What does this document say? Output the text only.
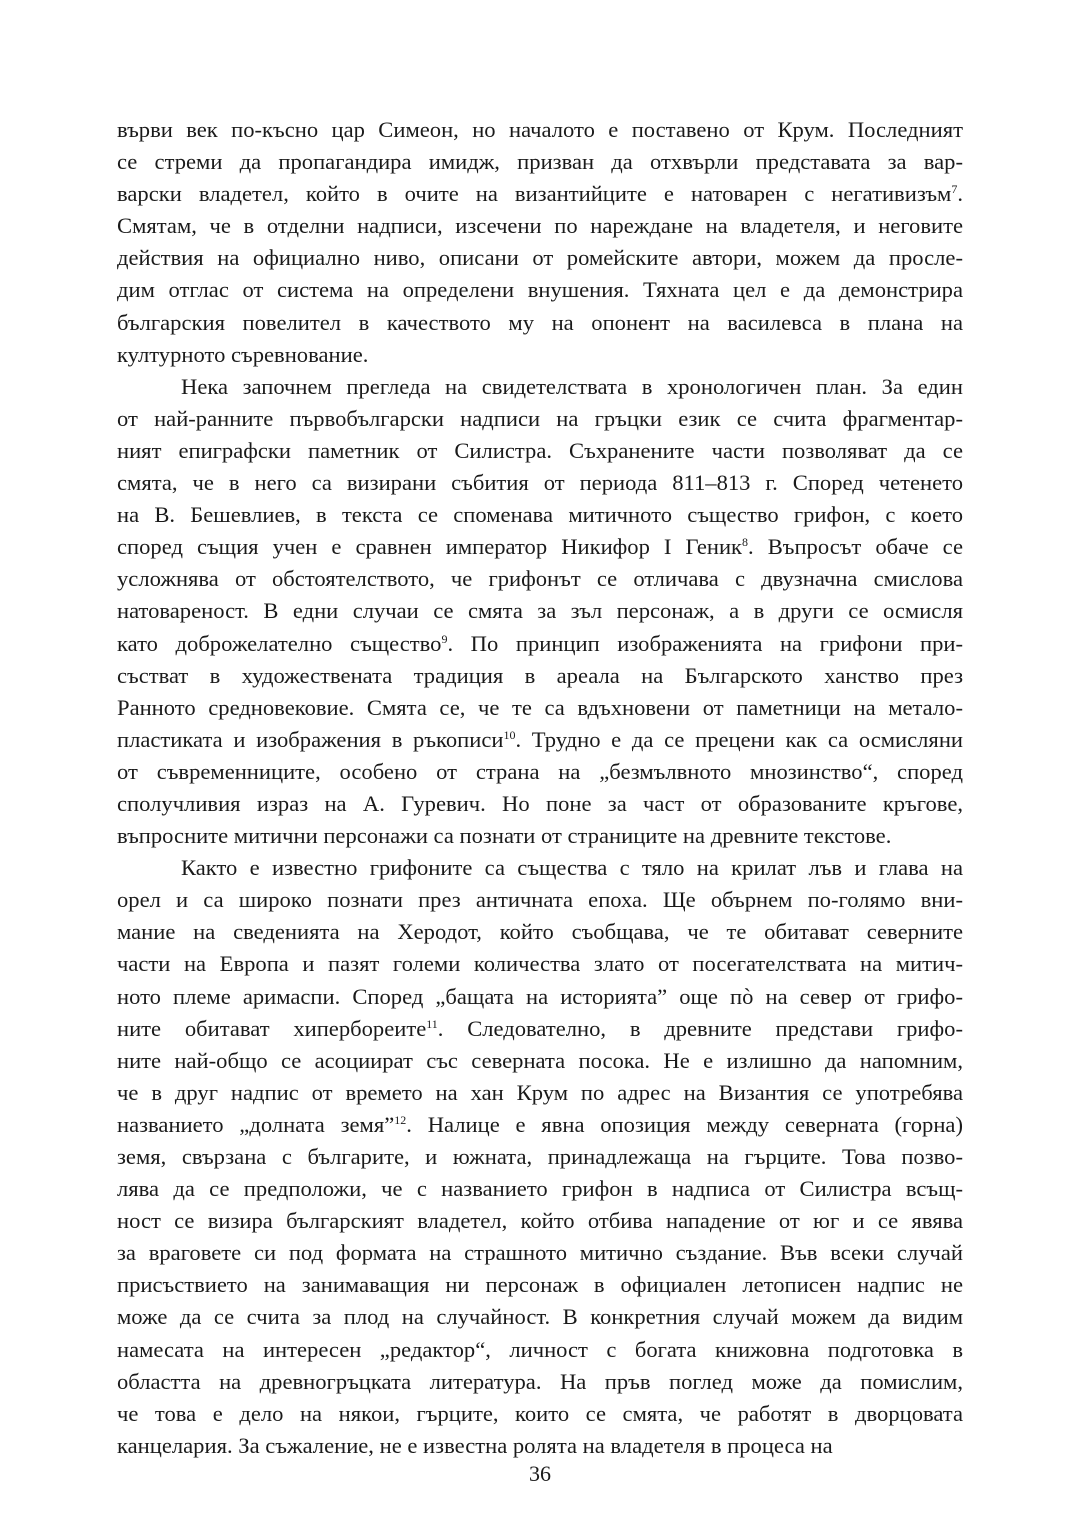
върви век по-късно цар Симеон, но началото е поставено от Крум. Последният
се стреми да пропагандира имидж, призван да отхвърли представата за вар-
варски владетел, който в очите на византийците е натоварен с негативизъм$^7$.
Смятам, че в отделни надписи, изсечени по нареждане на владетеля, и неговите
действия на официално ниво, описани от ромейските автори, можем да просле-
дим отглас от система на определени внушения. Тяхната цел е да демонстрира
българския повелител в качеството му на опонент на василевса в плана на
културното съревнование.
Нека започнем прегледа на свидетелствата в хронологичен план. За един
от най-ранните първобългарски надписи на гръцки език се счита фрагментар-
ният епиграфски паметник от Силистра. Съхранените части позволяват да се
смята, че в него са визирани събития от периода 811–813 г. Според четенето
на В. Бешевлиев, в текста се споменава митичното същество грифон, с което
според същия учен е сравнен император Никифор I Геник$^8$. Въпросът обаче се
усложнява от обстоятелството, че грифонът се отличава с двузначна смислова
натовареност. В едни случаи се смята за зъл персонаж, а в други се осмисля
като доброжелателно същество$^9$. По принцип изображенията на грифони при-
състват в художествената традиция в ареала на Българското ханство през
Ранното средновековие. Смята се, че те са вдъхновени от паметници на метало-
пластиката и изображения в ръкописи$^{10}$. Трудно е да се прецени как са осмисляни
от съвременниците, особено от страна на „безмълвното мнозинство“, според
сполучливия израз на А. Гуревич. Но поне за част от образованите кръгове,
въпросните митични персонажи са познати от страниците на древните текстове.
Както е известно грифоните са същества с тяло на крилат лъв и глава на
орел и са широко познати през античната епоха. Ще обърнем по-голямо вни-
мание на сведенията на Херодот, който съобщава, че те обитават северните
части на Европа и пазят големи количества злато от посегателствата на митич-
ното племе аримаспи. Според „бащата на историята” още пò на север от грифо-
ните обитават хипербореите$^{11}$. Следователно, в древните представи грифо-
ните най-общо се асоциират със северната посока. Не е излишно да напомним,
че в друг надпис от времето на хан Крум по адрес на Византия се употребява
названието „долната земя”$^{12}$. Налице е явна опозиция между северната (горна)
земя, свързана с българите, и южната, принадлежаща на гърците. Това позво-
лява да се предположи, че с названието грифон в надписа от Силистра всъщ-
ност се визира българският владетел, който отбива нападение от юг и се явява
за враговете си под формата на страшното митично създание. Във всеки случай
присъствието на занимаващия ни персонаж в официален летописен надпис не
може да се счита за плод на случайност. В конкретния случай можем да видим
намесата на интересен „редактор“, личност с богата книжовна подготовка в
областта на древногръцката литература. На пръв поглед може да помислим,
че това е дело на някои, гърците, които се смята, че работят в дворцовата
канцелария. За съжаление, не е известна ролята на владетеля в процеса на
36
